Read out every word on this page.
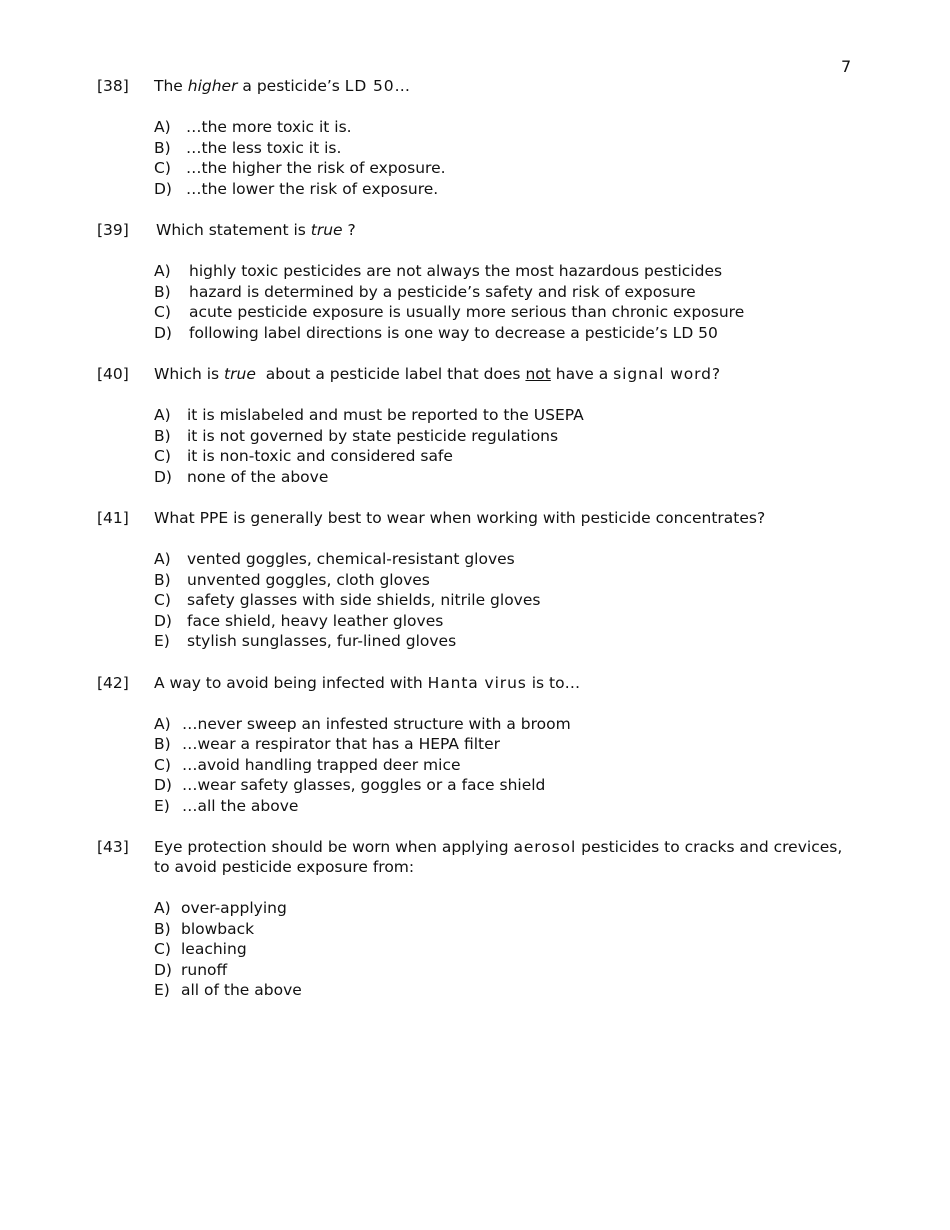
7
[38]	The higher a pesticide’s LD 50…
A) …the more toxic it is.
B) …the less toxic it is.
C) …the higher the risk of exposure.
D) …the lower the risk of exposure.
[39]	Which statement is true ?
A)	highly toxic pesticides are not always the most hazardous pesticides
B)	hazard is determined by a pesticide’s safety and risk of exposure
C)	acute pesticide exposure is usually more serious than chronic exposure
D)	following label directions is one way to decrease a pesticide’s LD 50
[40]	Which is true  about a pesticide label that does not have a signal word?
A)	it is mislabeled and must be reported to the USEPA
B)	it is not governed by state pesticide regulations
C)	it is non-toxic and considered safe
D) none of the above
[41]	What PPE is generally best to wear when working with pesticide concentrates?
A)	vented goggles, chemical-resistant gloves
B)	unvented goggles, cloth gloves
C)	safety glasses with side shields, nitrile gloves
D) face shield, heavy leather gloves
E)	stylish sunglasses, fur-lined gloves
[42]	A way to avoid being infected with Hanta virus is to…
A) …never sweep an infested structure with a broom
B) …wear a respirator that has a HEPA filter
C) …avoid handling trapped deer mice
D) …wear safety glasses, goggles or a face shield
E) …all the above
[43]	Eye protection should be worn when applying aerosol pesticides to cracks and crevices, to avoid pesticide exposure from:
A) over-applying
B) blowback
C) leaching
D) runoff
E) all of the above
